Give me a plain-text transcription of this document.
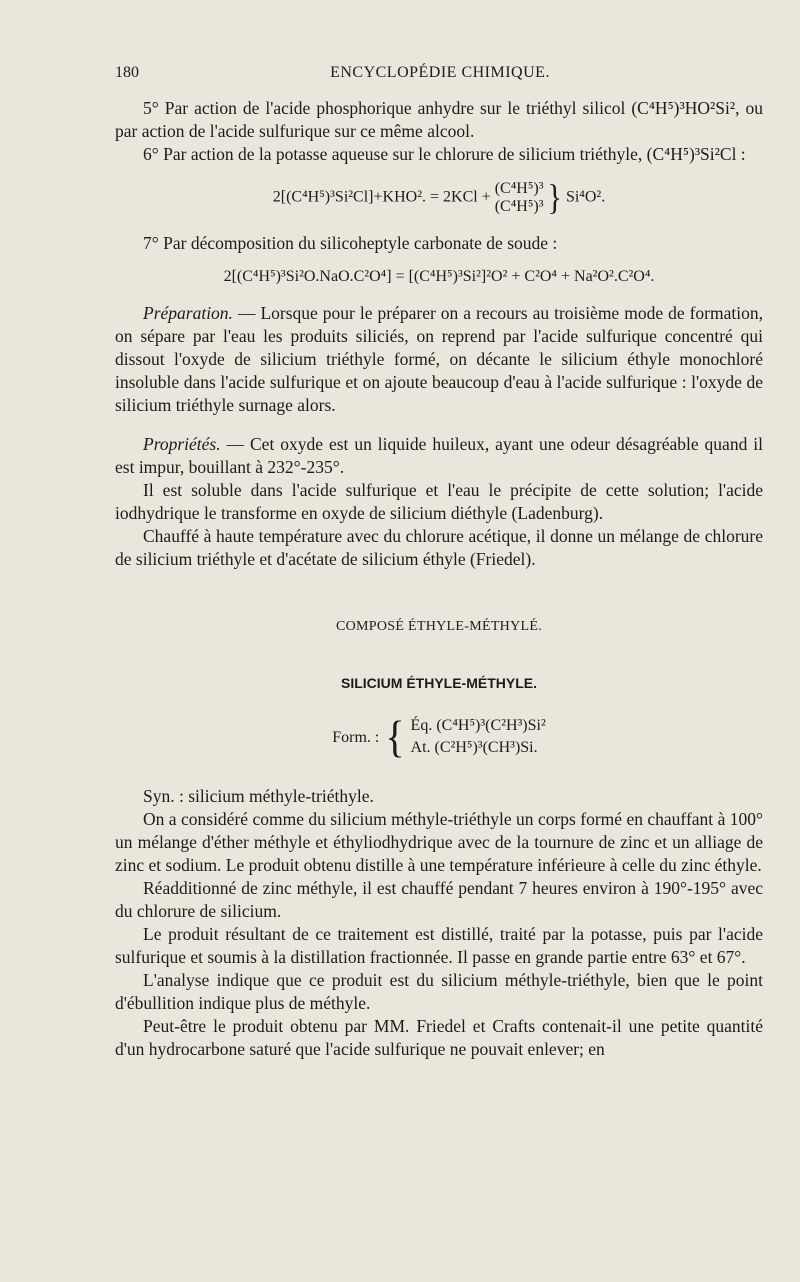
180	ENCYCLOPÉDIE CHIMIQUE.

5° Par action de l'acide phosphorique anhydre sur le triéthyl silicol (C⁴H⁵)³HO²Si², ou par action de l'acide sulfurique sur ce même alcool.

6° Par action de la potasse aqueuse sur le chlorure de silicium triéthyle, (C⁴H⁵)³Si²Cl :

2[(C⁴H⁵)³Si²Cl]+KHO². = 2KCl + (C⁴H⁵)³
(C⁴H⁵)³ } Si⁴O².

7° Par décomposition du silicoheptyle carbonate de soude :

2[(C⁴H⁵)³Si²O.NaO.C²O⁴] = [(C⁴H⁵)³Si²]²O² + C²O⁴ + Na²O².C²O⁴.

Préparation. — Lorsque pour le préparer on a recours au troisième mode de formation, on sépare par l'eau les produits siliciés, on reprend par l'acide sulfurique concentré qui dissout l'oxyde de silicium triéthyle formé, on décante le silicium éthyle monochloré insoluble dans l'acide sulfurique et on ajoute beaucoup d'eau à l'acide sulfurique : l'oxyde de silicium triéthyle surnage alors.

Propriétés. — Cet oxyde est un liquide huileux, ayant une odeur désagréable quand il est impur, bouillant à 232°-235°.

Il est soluble dans l'acide sulfurique et l'eau le précipite de cette solution; l'acide iodhydrique le transforme en oxyde de silicium diéthyle (Ladenburg).

Chauffé à haute température avec du chlorure acétique, il donne un mélange de chlorure de silicium triéthyle et d'acétate de silicium éthyle (Friedel).

COMPOSÉ ÉTHYLE-MÉTHYLÉ.
SILICIUM ÉTHYLE-MÉTHYLE.
Form. : { Éq. (C⁴H⁵)³(C²H³)Si²
At. (C²H⁵)³(CH³)Si.

Syn. : silicium méthyle-triéthyle.

On a considéré comme du silicium méthyle-triéthyle un corps formé en chauffant à 100° un mélange d'éther méthyle et éthyliodhydrique avec de la tournure de zinc et un alliage de zinc et sodium. Le produit obtenu distille à une température inférieure à celle du zinc éthyle.

Réadditionné de zinc méthyle, il est chauffé pendant 7 heures environ à 190°-195° avec du chlorure de silicium.

Le produit résultant de ce traitement est distillé, traité par la potasse, puis par l'acide sulfurique et soumis à la distillation fractionnée. Il passe en grande partie entre 63° et 67°.

L'analyse indique que ce produit est du silicium méthyle-triéthyle, bien que le point d'ébullition indique plus de méthyle.

Peut-être le produit obtenu par MM. Friedel et Crafts contenait-il une petite quantité d'un hydrocarbone saturé que l'acide sulfurique ne pouvait enlever; en
